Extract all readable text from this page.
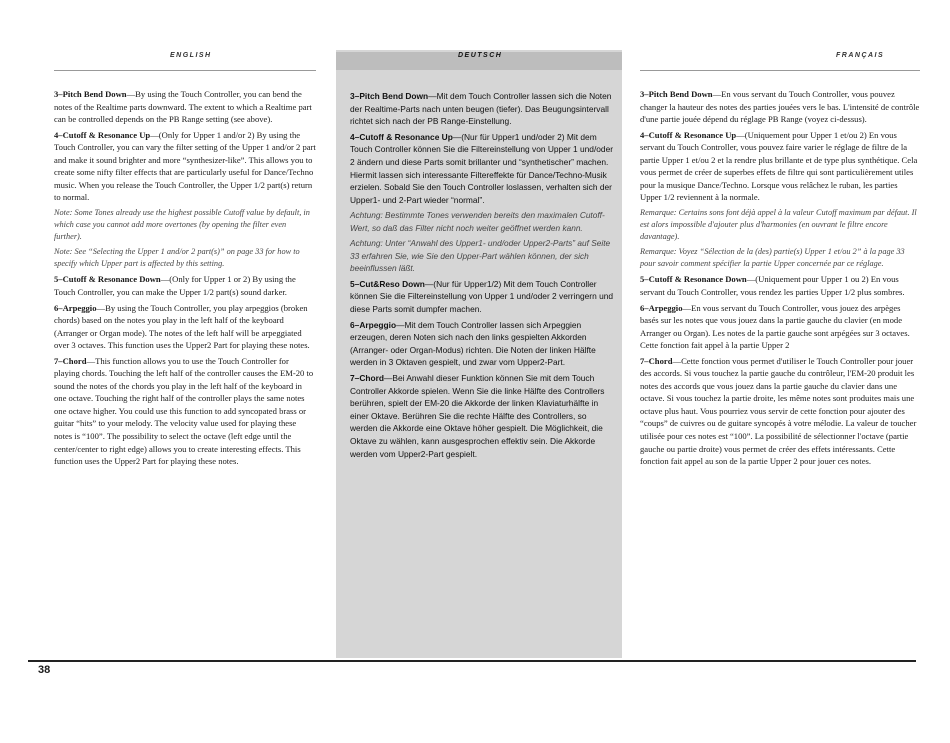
3–Pitch Bend Down—By using the Touch Controller, you can bend the notes of the Realtime parts downward. The extent to which a Realtime part can be controlled depends on the PB Range setting (see above).

4–Cutoff & Resonance Up—(Only for Upper 1 and/or 2) By using the Touch Controller, you can vary the filter setting of the Upper 1 and/or 2 part and make it sound brighter and more “synthesizer-like”. This allows you to create some nifty filter effects that are particularly useful for Dance/Techno music. When you release the Touch Controller, the Upper 1/2 part(s) return to normal.

Note: Some Tones already use the highest possible Cutoff value by default, in which case you cannot add more overtones (by opening the filter even further).

Note: See “Selecting the Upper 1 and/or 2 part(s)” on page 33 for how to specify which Upper part is affected by this setting.

5–Cutoff & Resonance Down—(Only for Upper 1 or 2) By using the Touch Controller, you can make the Upper 1/2 part(s) sound darker.

6–Arpeggio—By using the Touch Controller, you play arpeggios (broken chords) based on the notes you play in the left half of the keyboard (Arranger or Organ mode). The notes of the left half will be arpeggiated over 3 octaves. This function uses the Upper2 Part for playing these notes.

7–Chord—This function allows you to use the Touch Controller for playing chords. Touching the left half of the controller causes the EM-20 to sound the notes of the chords you play in the left half of the keyboard in one octave. Touching the right half of the controller plays the same notes one octave higher. You could use this function to add syncopated brass or guitar “hits” to your melody. The velocity value used for playing these notes is “100”. The possibility to select the octave (left edge until the center/center to right edge) allows you to create interesting effects. This function uses the Upper2 Part for playing these notes.

3–Pitch Bend Down—Mit dem Touch Controller lassen sich die Noten der Realtime-Parts nach unten beugen (tiefer). Das Beugungsintervall richtet sich nach der PB Range-Einstellung.

4–Cutoff & Resonance Up—(Nur für Upper1 und/oder 2) Mit dem Touch Controller können Sie die Filtereinstellung von Upper 1 und/oder 2 ändern und diese Parts somit brillanter und “synthetischer” machen. Hiermit lassen sich interessante Filtereffekte für Dance/Techno-Musik erzielen. Sobald Sie den Touch Controller loslassen, verhalten sich der Upper1- und 2-Part wieder “normal”.

Achtung: Bestimmte Tones verwenden bereits den maximalen Cutoff-Wert, so daß das Filter nicht noch weiter geöffnet werden kann.

Achtung: Unter “Anwahl des Upper1- und/oder Upper2-Parts” auf Seite 33 erfahren Sie, wie Sie den Upper-Part wählen können, der sich beeinflussen läßt.

5–Cut&Reso Down—(Nur für Upper1/2) Mit dem Touch Controller können Sie die Filtereinstellung von Upper 1 und/oder 2 verringern und diese Parts somit dumpfer machen.

6–Arpeggio—Mit dem Touch Controller lassen sich Arpeggien erzeugen, deren Noten sich nach den links gespielten Akkorden (Arranger- oder Organ-Modus) richten. Die Noten der linken Hälfte werden in 3 Oktaven gespielt, und zwar vom Upper2-Part.

7–Chord—Bei Anwahl dieser Funktion können Sie mit dem Touch Controller Akkorde spielen. Wenn Sie die linke Hälfte des Controllers berühren, spielt der EM-20 die Akkorde der linken Klaviaturhälfte in einer Oktave. Berühren Sie die rechte Hälfte des Controllers, so werden die Akkorde eine Oktave höher gespielt. Die Möglichkeit, die Oktave zu wählen, kann ausgesprochen effektiv sein. Die Akkorde werden vom Upper2-Part gespielt.

3–Pitch Bend Down—En vous servant du Touch Controller, vous pouvez changer la hauteur des notes des parties jouées vers le bas. L'intensité de contrôle d'une partie jouée dépend du réglage PB Range (voyez ci-dessus).

4–Cutoff & Resonance Up—(Uniquement pour Upper 1 et/ou 2) En vous servant du Touch Controller, vous pouvez faire varier le réglage de filtre de la partie Upper 1 et/ou 2 et la rendre plus brillante et de type plus synthétique. Cela vous permet de créer de superbes effets de filtre qui sont particulièrement utiles pour la musique Dance/Techno. Lorsque vous relâchez le ruban, les parties Upper 1/2 reviennent à la normale.

Remarque: Certains sons font déjà appel à la valeur Cutoff maximum par défaut. Il est alors impossible d'ajouter plus d'harmonies (en ouvrant le filtre encore davantage).

Remarque: Voyez “Sélection de la (des) partie(s) Upper 1 et/ou 2” à la page 33 pour savoir comment spécifier la partie Upper concernée par ce réglage.

5–Cutoff & Resonance Down—(Uniquement pour Upper 1 ou 2) En vous servant du Touch Controller, vous rendez les parties Upper 1/2 plus sombres.

6–Arpeggio—En vous servant du Touch Controller, vous jouez des arpèges basés sur les notes que vous jouez dans la partie gauche du clavier (en mode Arranger ou Organ). Les notes de la partie gauche sont arpégées sur 3 octaves. Cette fonction fait appel à la partie Upper 2

7–Chord—Cette fonction vous permet d'utiliser le Touch Controller pour jouer des accords. Si vous touchez la partie gauche du contrôleur, l'EM-20 produit les notes des accords que vous jouez dans la partie gauche du clavier dans une octave. Si vous touchez la partie droite, les même notes sont produites mais une octave plus haut. Vous pourriez vous servir de cette fonction pour ajouter des “coups” de cuivres ou de guitare syncopés à votre mélodie. La valeur de toucher utilisée pour ces notes est “100”. La possibilité de sélectionner l'octave (partie gauche ou partie droite) vous permet de créer des effets intéressants. Cette fonction fait appel au son de la partie Upper 2 pour jouer ces notes.

ENGLISH	DEUTSCH	FRANÇAIS
38
